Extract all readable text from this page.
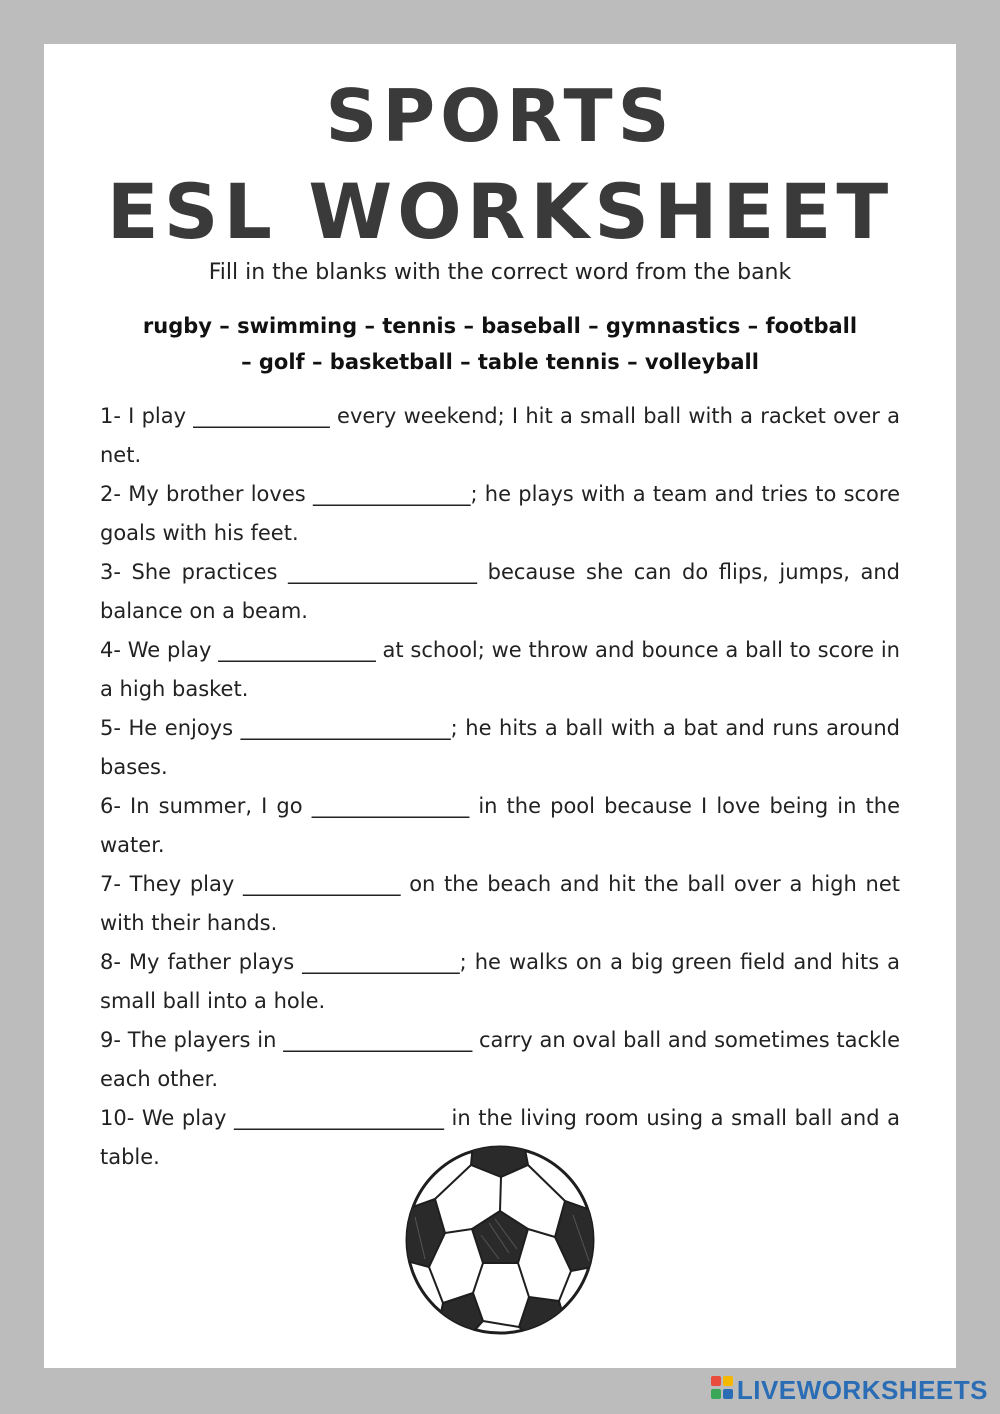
SPORTS
ESL WORKSHEET
Fill in the blanks with the correct word from the bank
rugby – swimming – tennis – baseball – gymnastics – football
– golf – basketball – table tennis – volleyball
1- I play _____________ every weekend; I hit a small ball with a racket over a net.
2- My brother loves _______________; he plays with a team and tries to score goals with his feet.
3- She practices __________________ because she can do flips, jumps, and balance on a beam.
4- We play _______________ at school; we throw and bounce a ball to score in a high basket.
5- He enjoys ____________________; he hits a ball with a bat and runs around bases.
6- In summer, I go _______________ in the pool because I love being in the water.
7- They play _______________ on the beach and hit the ball over a high net with their hands.
8- My father plays _______________; he walks on a big green field and hits a small ball into a hole.
9- The players in __________________ carry an oval ball and sometimes tackle each other.
10- We play ____________________ in the living room using a small ball and a table.
LIVEWORKSHEETS
